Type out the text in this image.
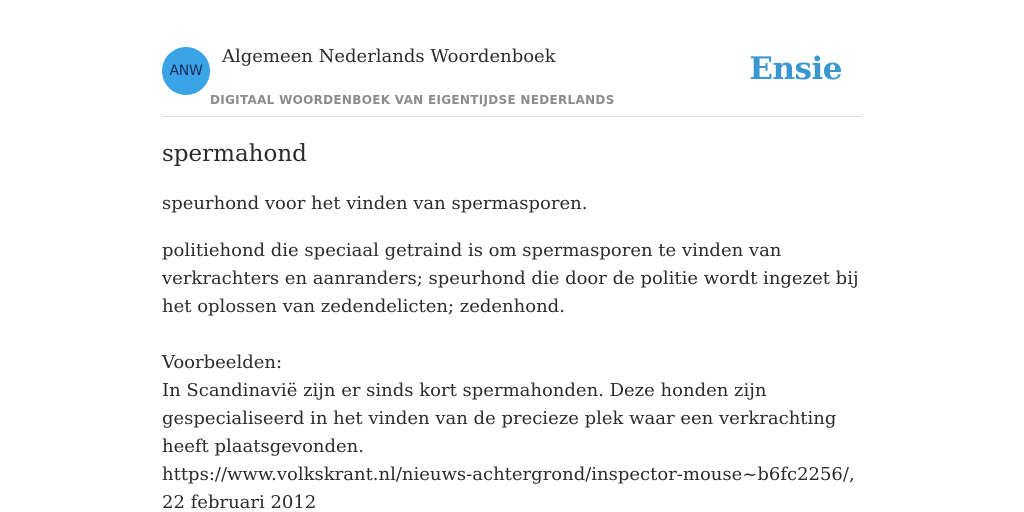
ANW
Algemeen Nederlands Woordenboek
DIGITAAL WOORDENBOEK VAN EIGENTIJDSE NEDERLANDS
Ensie
spermahond

speurhond voor het vinden van spermasporen.

politiehond die speciaal getraind is om spermasporen te vinden van verkrachters en aanranders; speurhond die door de politie wordt ingezet bij het oplossen van zedendelicten; zedenhond.

Voorbeelden:

In Scandinavië zijn er sinds kort spermahonden. Deze honden zijn gespecialiseerd in het vinden van de precieze plek waar een verkrachting heeft plaatsgevonden.

https://www.volkskrant.nl/nieuws-achtergrond/inspector-mouse~b6fc2256/, 22 februari 2012
